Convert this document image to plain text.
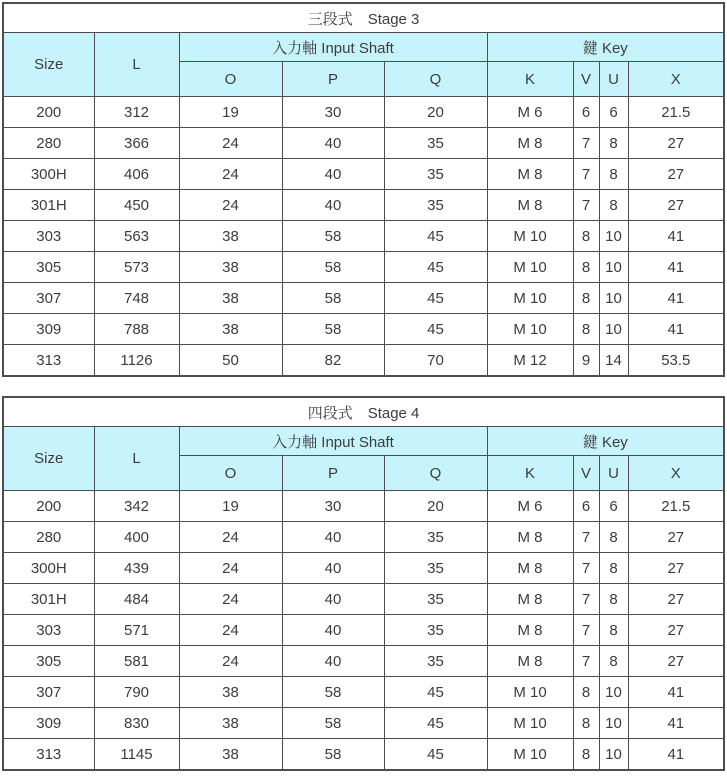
三段式　Stage 3								
Size	L	入力軸 Input Shaft			鍵 Key			
		O	P	Q	K	V	U	X
200	312	19	30	20	M 6	6	6	21.5
280	366	24	40	35	M 8	7	8	27
300H	406	24	40	35	M 8	7	8	27
301H	450	24	40	35	M 8	7	8	27
303	563	38	58	45	M 10	8	10	41
305	573	38	58	45	M 10	8	10	41
307	748	38	58	45	M 10	8	10	41
309	788	38	58	45	M 10	8	10	41
313	1126	50	82	70	M 12	9	14	53.5
四段式　Stage 4								
Size	L	入力軸 Input Shaft			鍵 Key			
		O	P	Q	K	V	U	X
200	342	19	30	20	M 6	6	6	21.5
280	400	24	40	35	M 8	7	8	27
300H	439	24	40	35	M 8	7	8	27
301H	484	24	40	35	M 8	7	8	27
303	571	24	40	35	M 8	7	8	27
305	581	24	40	35	M 8	7	8	27
307	790	38	58	45	M 10	8	10	41
309	830	38	58	45	M 10	8	10	41
313	1145	38	58	45	M 10	8	10	41
